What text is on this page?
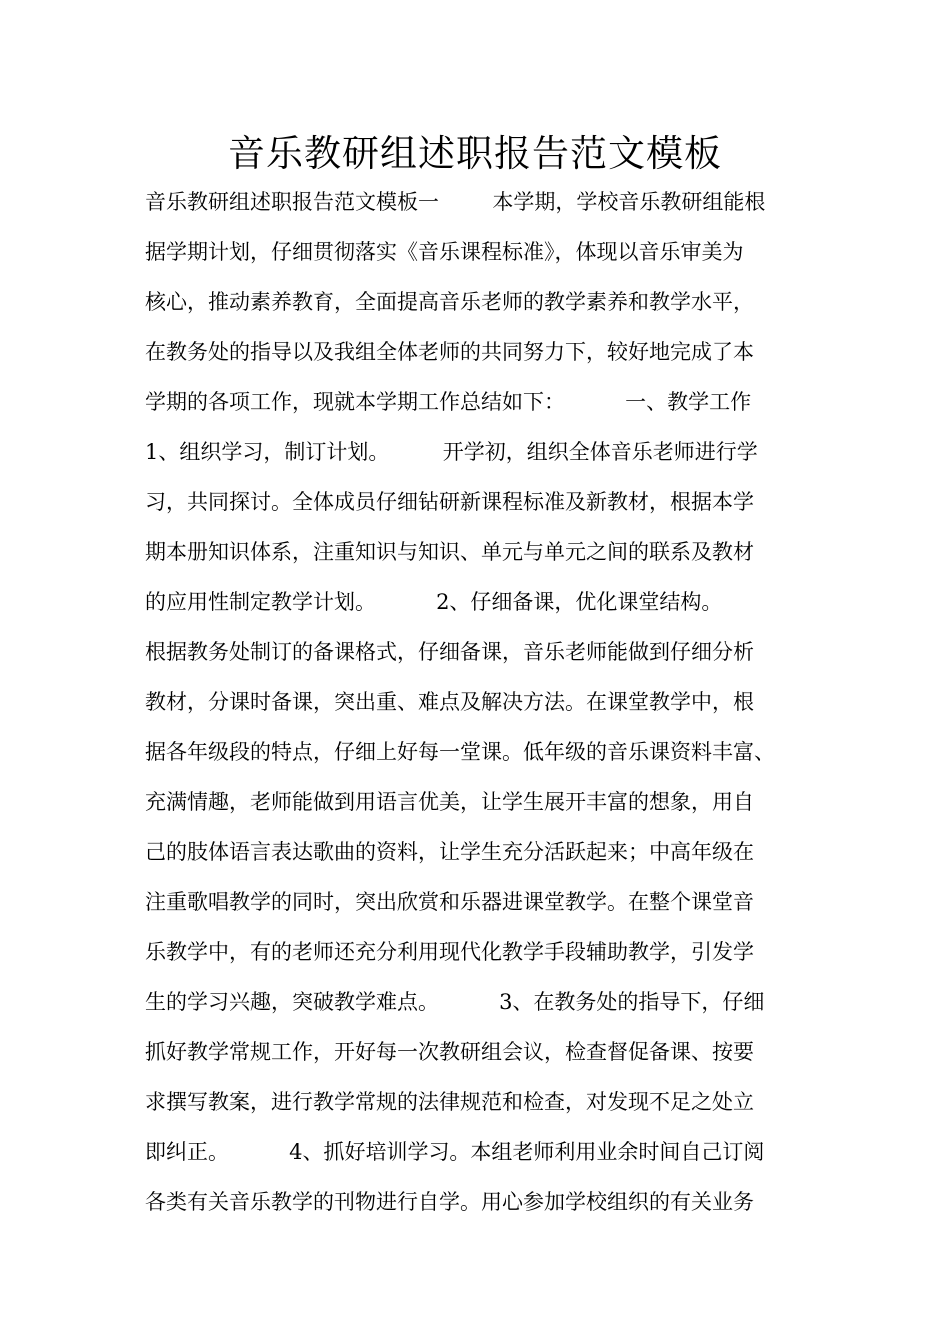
音乐教研组述职报告范文模板
音乐教研组述职报告范文模板一        本学期，学校音乐教研组能根
据学期计划，仔细贯彻落实《音乐课程标准》，体现以音乐审美为
核心，推动素养教育，全面提高音乐老师的教学素养和教学水平，
在教务处的指导以及我组全体老师的共同努力下，较好地完成了本
学期的各项工作，现就本学期工作总结如下：         一、教学工作
1、组织学习，制订计划。        开学初，组织全体音乐老师进行学
习，共同探讨。全体成员仔细钻研新课程标准及新教材，根据本学
期本册知识体系，注重知识与知识、单元与单元之间的联系及教材
的应用性制定教学计划。         2、仔细备课，优化课堂结构。
根据教务处制订的备课格式，仔细备课，音乐老师能做到仔细分析
教材，分课时备课，突出重、难点及解决方法。在课堂教学中，根
据各年级段的特点，仔细上好每一堂课。低年级的音乐课资料丰富、
充满情趣，老师能做到用语言优美，让学生展开丰富的想象，用自
己的肢体语言表达歌曲的资料，让学生充分活跃起来；中高年级在
注重歌唱教学的同时，突出欣赏和乐器进课堂教学。在整个课堂音
乐教学中，有的老师还充分利用现代化教学手段辅助教学，引发学
生的学习兴趣，突破教学难点。         3、在教务处的指导下，仔细
抓好教学常规工作，开好每一次教研组会议，检查督促备课、按要
求撰写教案，进行教学常规的法律规范和检查，对发现不足之处立
即纠正。         4、抓好培训学习。本组老师利用业余时间自己订阅
各类有关音乐教学的刊物进行自学。用心参加学校组织的有关业务
